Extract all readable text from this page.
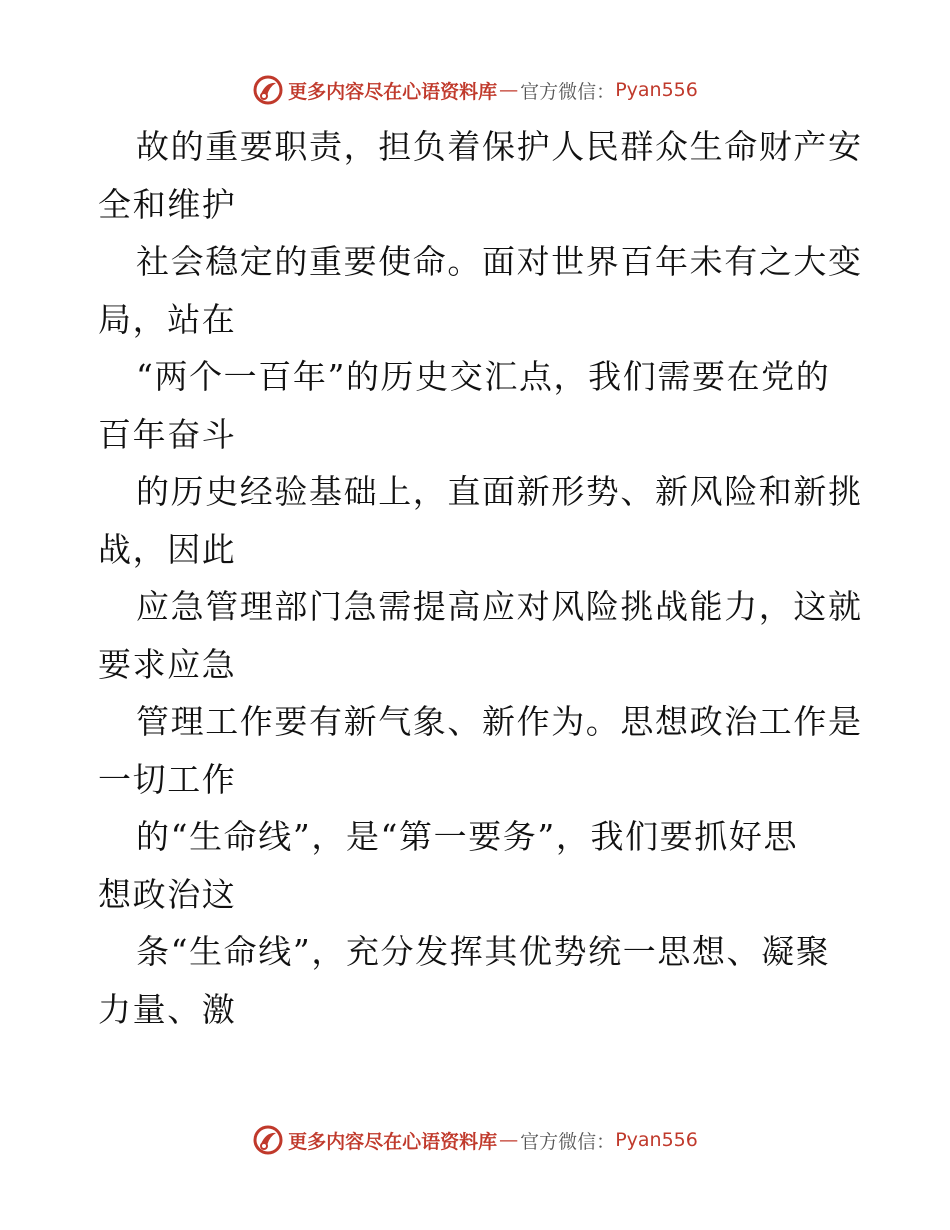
更多内容尽在心语资料库 — 官方微信： Pyan556
故的重要职责，担负着保护人民群众生命财产安
全和维护
社会稳定的重要使命。面对世界百年未有之大变
局，站在
“两个一百年”的历史交汇点，我们需要在党的
百年奋斗
的历史经验基础上，直面新形势、新风险和新挑
战，因此
应急管理部门急需提高应对风险挑战能力，这就
要求应急
管理工作要有新气象、新作为。思想政治工作是
一切工作
的“生命线”，是“第一要务”，我们要抓好思
想政治这
条“生命线”，充分发挥其优势统一思想、凝聚
力量、激
更多内容尽在心语资料库 — 官方微信： Pyan556
